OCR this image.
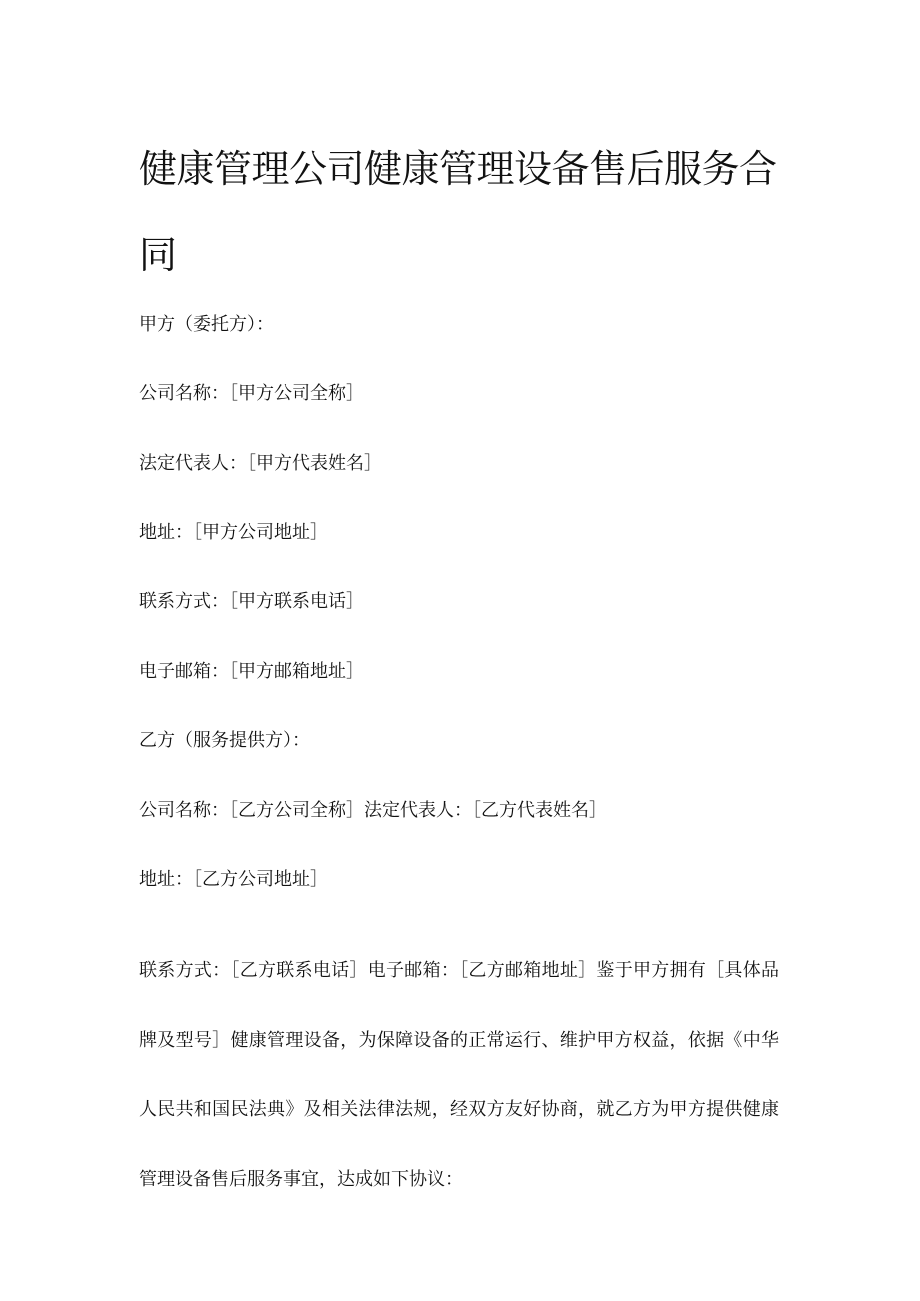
健康管理公司健康管理设备售后服务合同

甲方（委托方）：

公司名称：［甲方公司全称］

法定代表人：［甲方代表姓名］

地址：［甲方公司地址］

联系方式：［甲方联系电话］

电子邮箱：［甲方邮箱地址］

乙方（服务提供方）：

公司名称：［乙方公司全称］法定代表人：［乙方代表姓名］

地址：［乙方公司地址］

联系方式：［乙方联系电话］电子邮箱：［乙方邮箱地址］鉴于甲方拥有［具体品牌及型号］健康管理设备，为保障设备的正常运行、维护甲方权益，依据《中华人民共和国民法典》及相关法律法规，经双方友好协商，就乙方为甲方提供健康管理设备售后服务事宜，达成如下协议：
